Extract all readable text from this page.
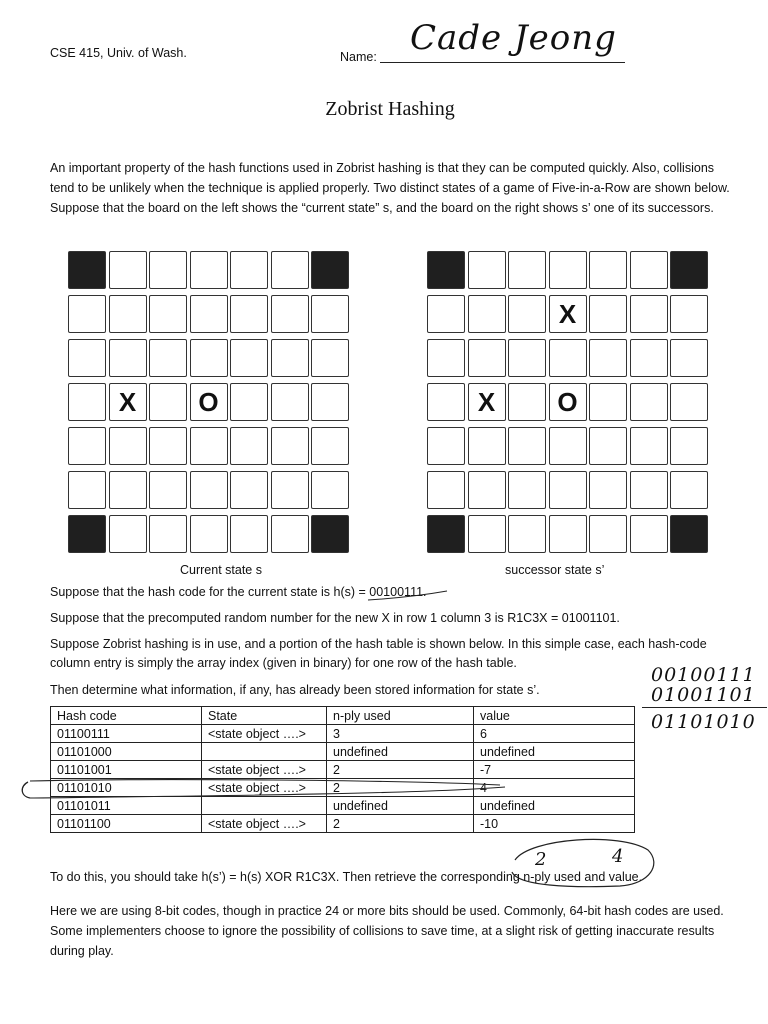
CSE 415, Univ. of Wash.	Name: Cade Jeong
Zobrist Hashing
An important property of the hash functions used in Zobrist hashing is that they can be computed quickly. Also, collisions tend to be unlikely when the technique is applied properly. Two distinct states of a game of Five-in-a-Row are shown below. Suppose that the board on the left shows the “current state” s, and the board on the right shows s’ one of its successors.
X	O
Current state s
X
X	O
successor state s’
Suppose that the hash code for the current state is h(s) = 00100111.
Suppose that the precomputed random number for the new X in row 1 column 3 is R1C3X = 01001101.
Suppose Zobrist hashing is in use, and a portion of the hash table is shown below. In this simple case, each hash-code
column entry is simply the array index (given in binary) for one row of the hash table.
Then determine what information, if any, has already been stored information for state s’.
00100111
01001101
01101010
Hash code	State	n-ply used	value
01100111	<state object ….>	3	6
01101000		undefined	undefined
01101001	<state object ….>	2	-7
01101010	<state object ….>	2	4
01101011		undefined	undefined
01101100	<state object ….>	2	-10
To do this, you should take h(s’) = h(s) XOR R1C3X. Then retrieve the corresponding n-ply used and value.
2	4
Here we are using 8-bit codes, though in practice 24 or more bits should be used. Commonly, 64-bit hash codes are used. Some implementers choose to ignore the possibility of collisions to save time, at a slight risk of getting inaccurate results during play.
